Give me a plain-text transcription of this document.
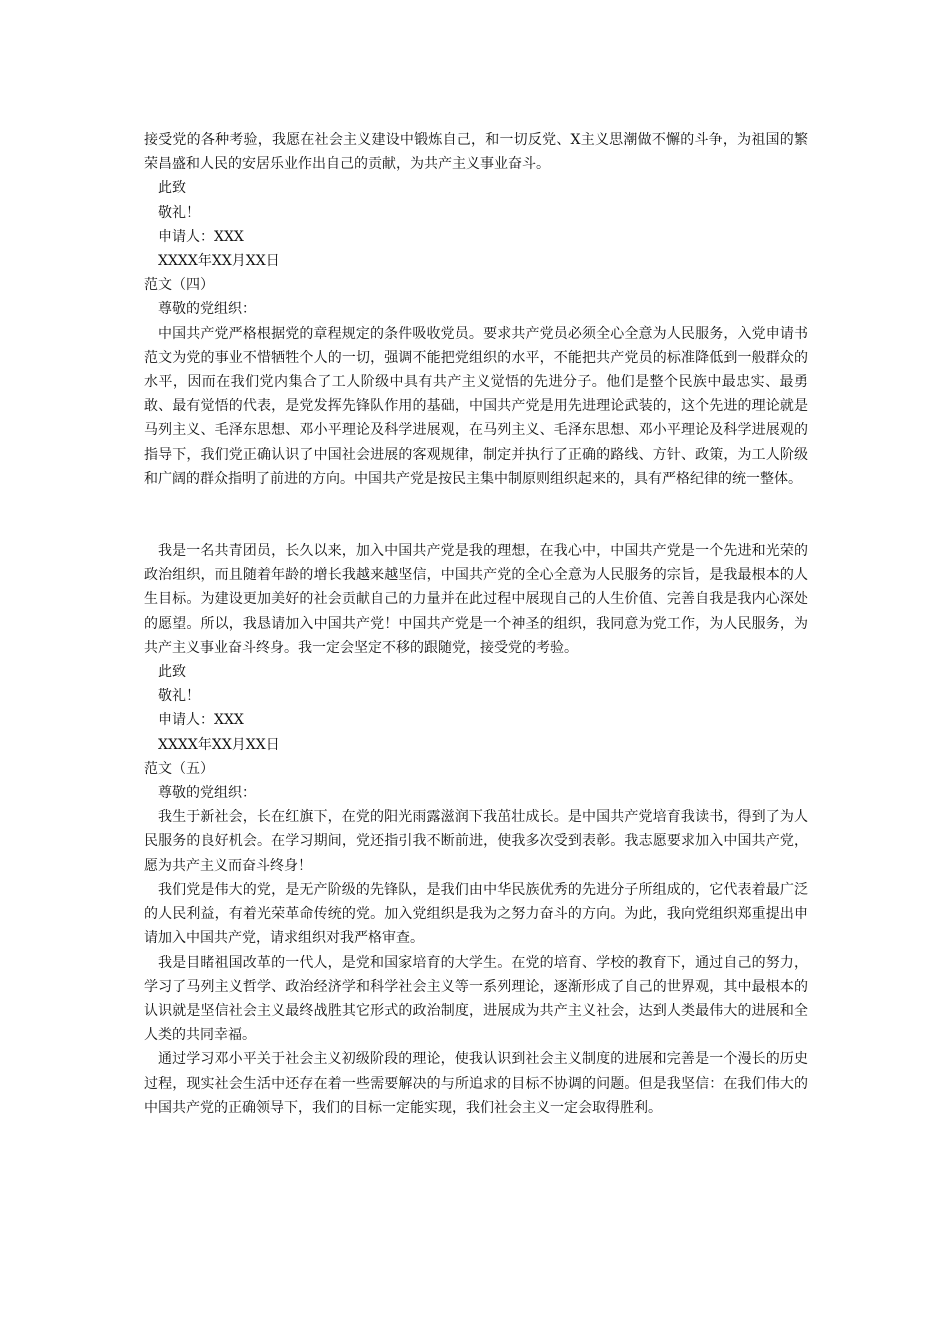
接受党的各种考验，我愿在社会主义建设中锻炼自己，和一切反党、X主义思潮做不懈的斗争，为祖国的繁荣昌盛和人民的安居乐业作出自己的贡献，为共产主义事业奋斗。

此致

敬礼！

申请人：XXX

XXXX年XX月XX日

范文（四）

尊敬的党组织：

中国共产党严格根据党的章程规定的条件吸收党员。要求共产党员必须全心全意为人民服务，入党申请书范文为党的事业不惜牺牲个人的一切，强调不能把党组织的水平，不能把共产党员的标准降低到一般群众的水平，因而在我们党内集合了工人阶级中具有共产主义觉悟的先进分子。他们是整个民族中最忠实、最勇敢、最有觉悟的代表，是党发挥先锋队作用的基础，中国共产党是用先进理论武装的，这个先进的理论就是马列主义、毛泽东思想、邓小平理论及科学进展观，在马列主义、毛泽东思想、邓小平理论及科学进展观的指导下，我们党正确认识了中国社会进展的客观规律，制定并执行了正确的路线、方针、政策，为工人阶级和广阔的群众指明了前进的方向。中国共产党是按民主集中制原则组织起来的，具有严格纪律的统一整体。

我是一名共青团员，长久以来，加入中国共产党是我的理想，在我心中，中国共产党是一个先进和光荣的政治组织，而且随着年龄的增长我越来越坚信，中国共产党的全心全意为人民服务的宗旨，是我最根本的人生目标。为建设更加美好的社会贡献自己的力量并在此过程中展现自己的人生价值、完善自我是我内心深处的愿望。所以，我恳请加入中国共产党！中国共产党是一个神圣的组织，我同意为党工作，为人民服务，为共产主义事业奋斗终身。我一定会坚定不移的跟随党，接受党的考验。

此致

敬礼！

申请人：XXX

XXXX年XX月XX日

范文（五）

尊敬的党组织：

我生于新社会，长在红旗下，在党的阳光雨露滋润下我茁壮成长。是中国共产党培育我读书，得到了为人民服务的良好机会。在学习期间，党还指引我不断前进，使我多次受到表彰。我志愿要求加入中国共产党，愿为共产主义而奋斗终身！

我们党是伟大的党，是无产阶级的先锋队，是我们由中华民族优秀的先进分子所组成的，它代表着最广泛的人民利益，有着光荣革命传统的党。加入党组织是我为之努力奋斗的方向。为此，我向党组织郑重提出申请加入中国共产党，请求组织对我严格审查。

我是目睹祖国改革的一代人，是党和国家培育的大学生。在党的培育、学校的教育下，通过自己的努力，学习了马列主义哲学、政治经济学和科学社会主义等一系列理论，逐渐形成了自己的世界观，其中最根本的认识就是坚信社会主义最终战胜其它形式的政治制度，进展成为共产主义社会，达到人类最伟大的进展和全人类的共同幸福。

通过学习邓小平关于社会主义初级阶段的理论，使我认识到社会主义制度的进展和完善是一个漫长的历史过程，现实社会生活中还存在着一些需要解决的与所追求的目标不协调的问题。但是我坚信：在我们伟大的中国共产党的正确领导下，我们的目标一定能实现，我们社会主义一定会取得胜利。
